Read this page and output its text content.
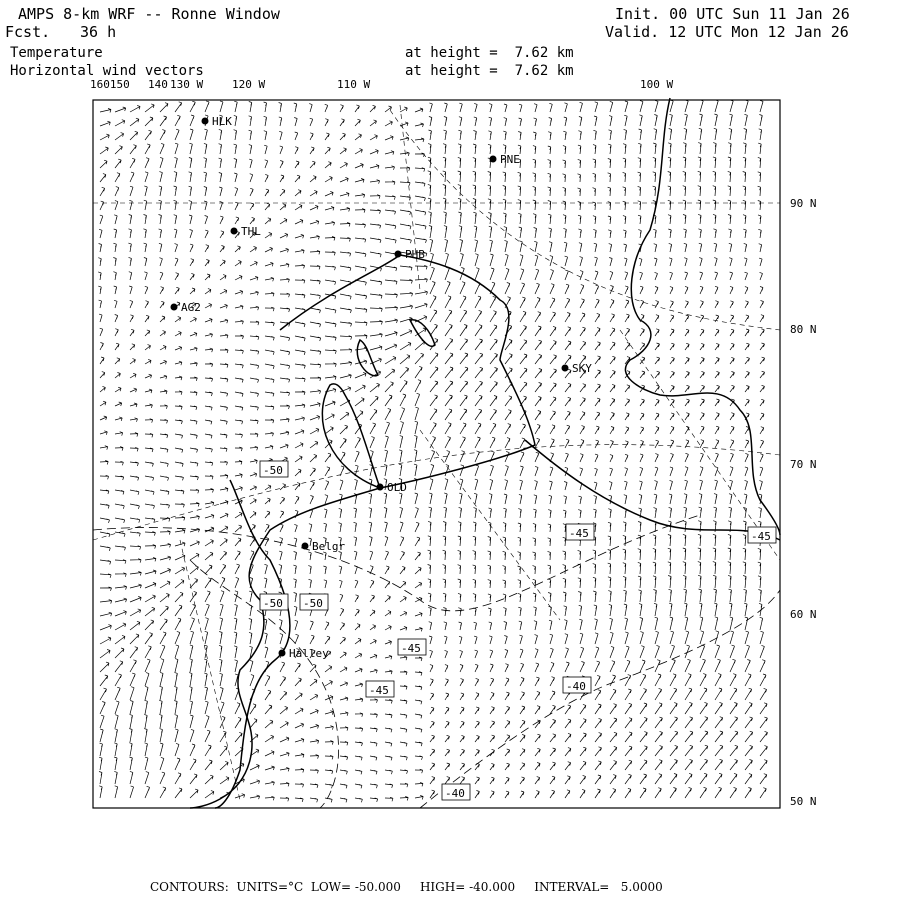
AMPS 8-km WRF -- Ronne Window
Fcst. 36 h
Temperature
Horizontal wind vectors
at height =  7.62 km
at height =  7.62 km
Init. 00 UTC Sun 11 Jan 26
Valid. 12 UTC Mon 12 Jan 26
160150 140 130 W	120 W	110 W	100 W
90 N
80 N
70 N
60 N
50 N
HLK
PNE
THL
PHB
AG2
SKY
OLD
Belgr
Halley
-50
-45	-45
-50 -50
-45
-45	-40
-40
CONTOURS:  UNITS=°C  LOW= -50.000     HIGH= -40.000     INTERVAL=   5.0000
